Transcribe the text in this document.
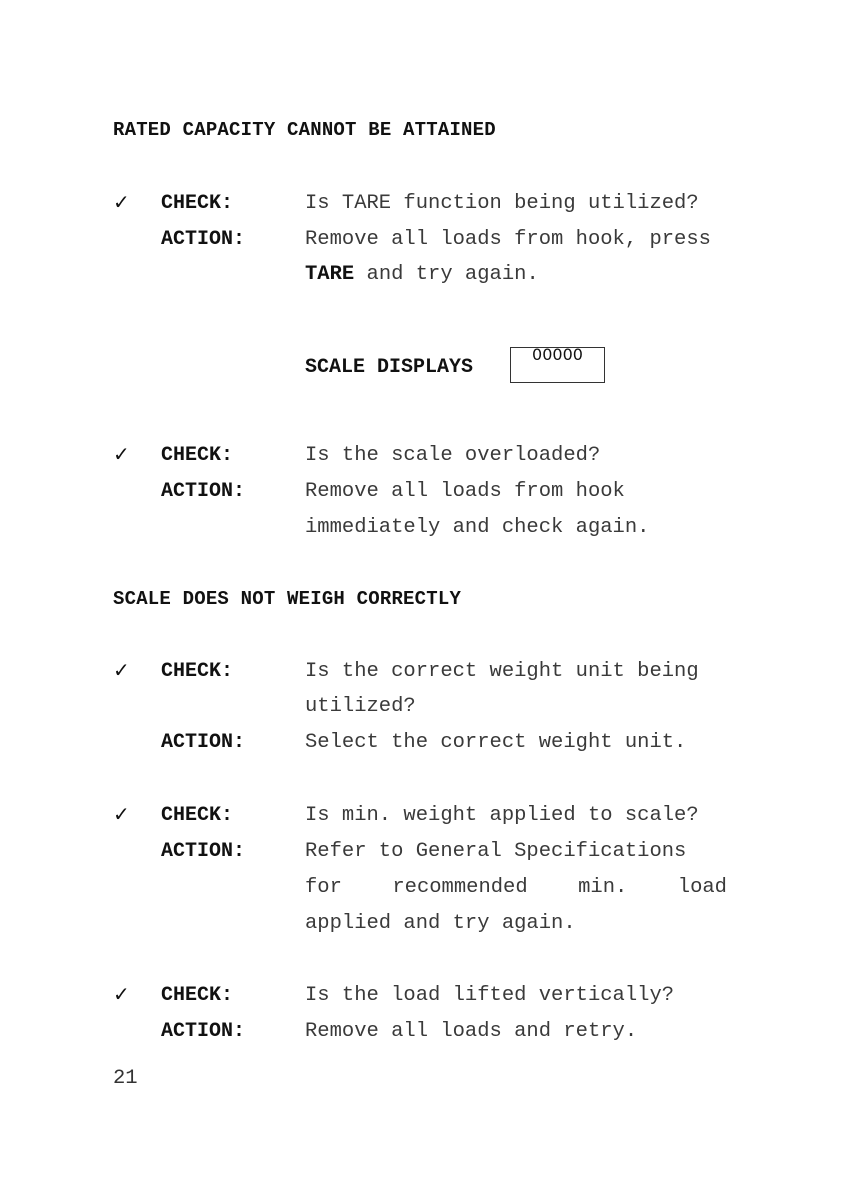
RATED CAPACITY CANNOT BE ATTAINED
✓ CHECK:	Is TARE function being utilized?
ACTION:	Remove all loads from hook, press
TARE and try again.
SCALE DISPLAYS
00000
✓ CHECK:	Is the scale overloaded?
ACTION:	Remove all loads from hook
immediately and check again.
SCALE DOES NOT WEIGH CORRECTLY
✓ CHECK:	Is the correct weight unit being
utilized?
ACTION:	Select the correct weight unit.
✓ CHECK:	Is min. weight applied to scale?
ACTION:	Refer to General Specifications
for recommended min. load
applied and try again.
✓ CHECK:	Is the load lifted vertically?
ACTION:	Remove all loads and retry.
21
